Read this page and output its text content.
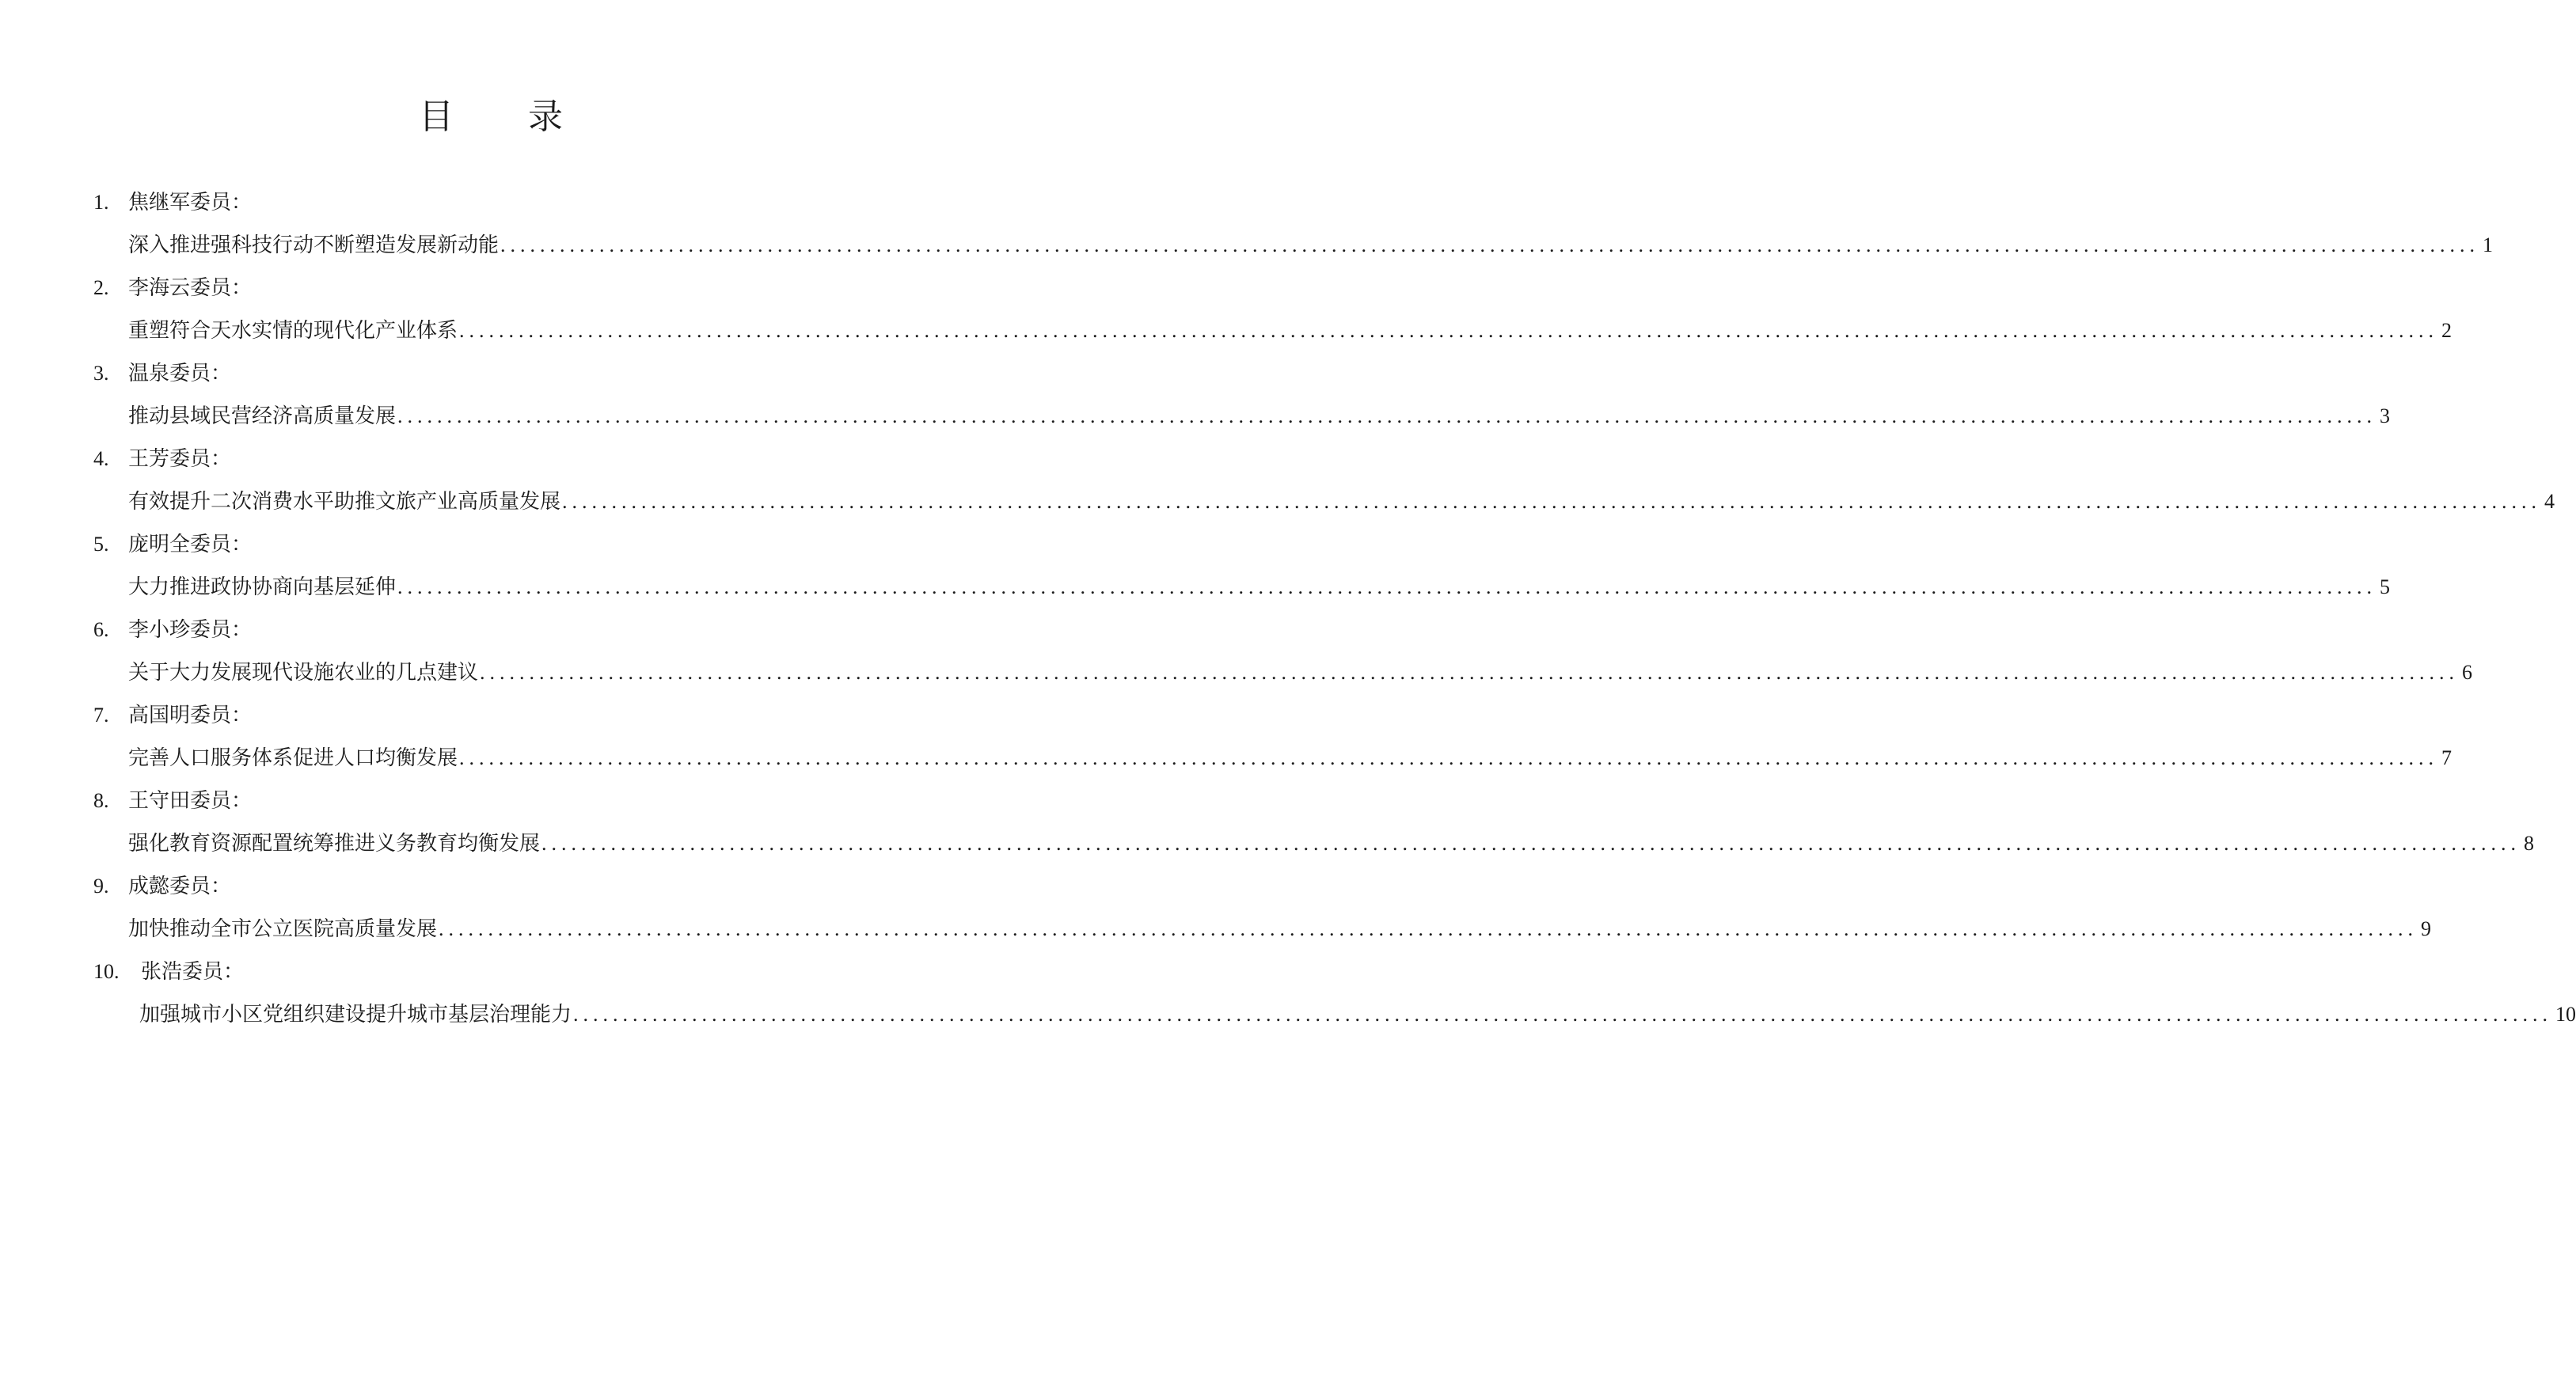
目 录
1. 焦继军委员：
深入推进强科技行动不断塑造发展新动能 ........................................................................................................................................................................................................ 1
2. 李海云委员：
重塑符合天水实情的现代化产业体系 ........................................................................................................................................................................................................ 2
3. 温泉委员：
推动县域民营经济高质量发展 ........................................................................................................................................................................................................ 3
4. 王芳委员：
有效提升二次消费水平助推文旅产业高质量发展 ........................................................................................................................................................................................................ 4
5. 庞明全委员：
大力推进政协协商向基层延伸 ........................................................................................................................................................................................................ 5
6. 李小珍委员：
关于大力发展现代设施农业的几点建议 ........................................................................................................................................................................................................ 6
7. 高国明委员：
完善人口服务体系促进人口均衡发展 ........................................................................................................................................................................................................ 7
8. 王守田委员：
强化教育资源配置统筹推进义务教育均衡发展 ........................................................................................................................................................................................................ 8
9. 成懿委员：
加快推动全市公立医院高质量发展 ........................................................................................................................................................................................................ 9
10. 张浩委员：
加强城市小区党组织建设提升城市基层治理能力 ........................................................................................................................................................................................................ 10
